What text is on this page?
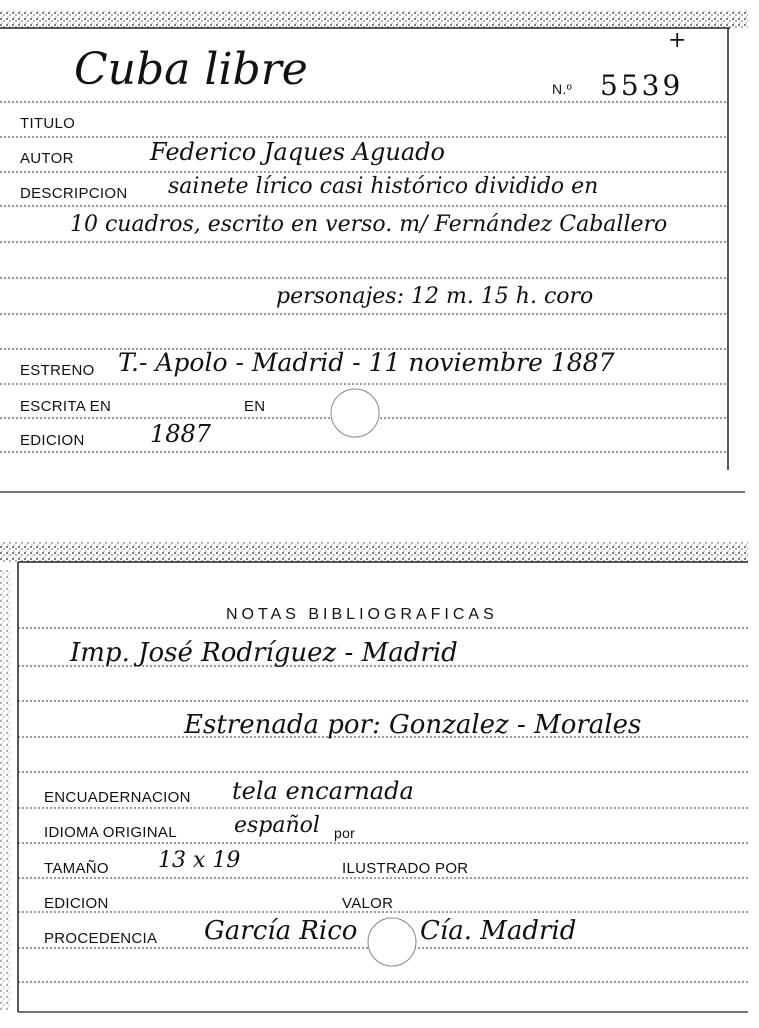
Cuba libre	N.º 5539
+
TITULO
AUTOR	Federico Jaques Aguado
DESCRIPCION sainete lírico casi histórico dividido en
10 cuadros, escrito en verso. m/ Fernández Caballero
personajes: 12 m. 15 h. coro
ESTRENO T.- Apolo - Madrid - 11 noviembre 1887
ESCRITA EN	EN
EDICION	1887
NOTAS BIBLIOGRAFICAS
Imp. José Rodríguez - Madrid
Estrenada por: Gonzalez - Morales
ENCUADERNACION tela encarnada
IDIOMA ORIGINAL	español por
TAMAÑO 13 x 19	ILUSTRADO POR
EDICION	VALOR
PROCEDENCIA García Rico Cía. Madrid
